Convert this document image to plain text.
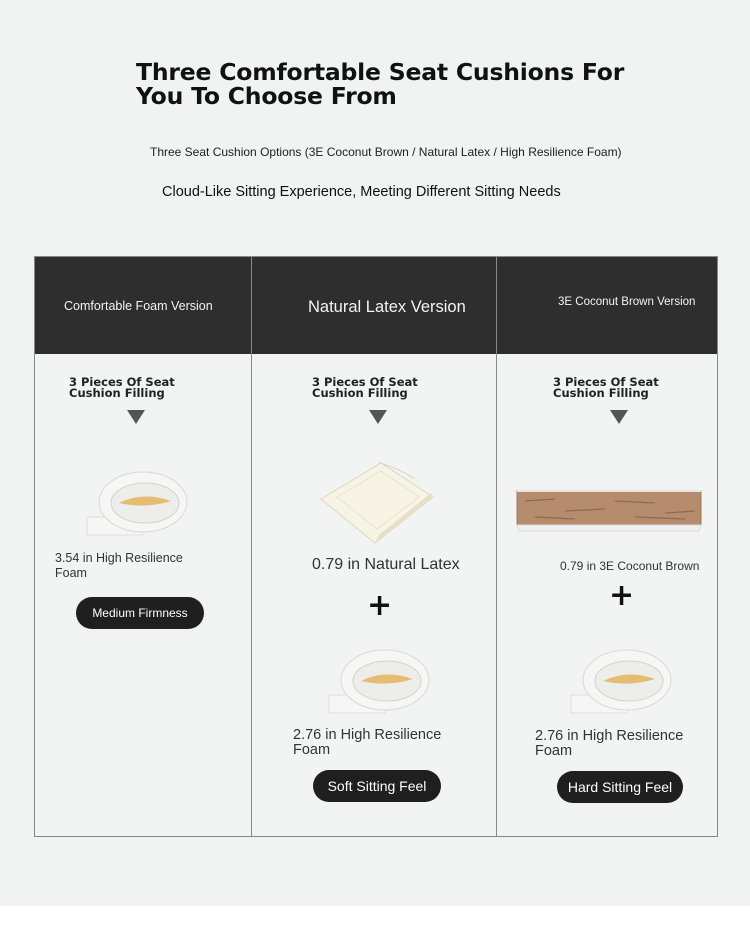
Three Comfortable Seat Cushions For You To Choose From
Three Seat Cushion Options (3E Coconut Brown / Natural Latex / High Resilience Foam)
Cloud-Like Sitting Experience, Meeting Different Sitting Needs
Comfortable Foam Version	Natural Latex Version	3E Coconut Brown Version
3 Pieces Of Seat Cushion Filling
3.54 in High Resilience Foam
Medium Firmness
3 Pieces Of Seat Cushion Filling
0.79 in Natural Latex
+
2.76 in High Resilience Foam
Soft Sitting Feel
3 Pieces Of Seat Cushion Filling
0.79 in 3E Coconut Brown
+
2.76 in High Resilience Foam
Hard Sitting Feel
